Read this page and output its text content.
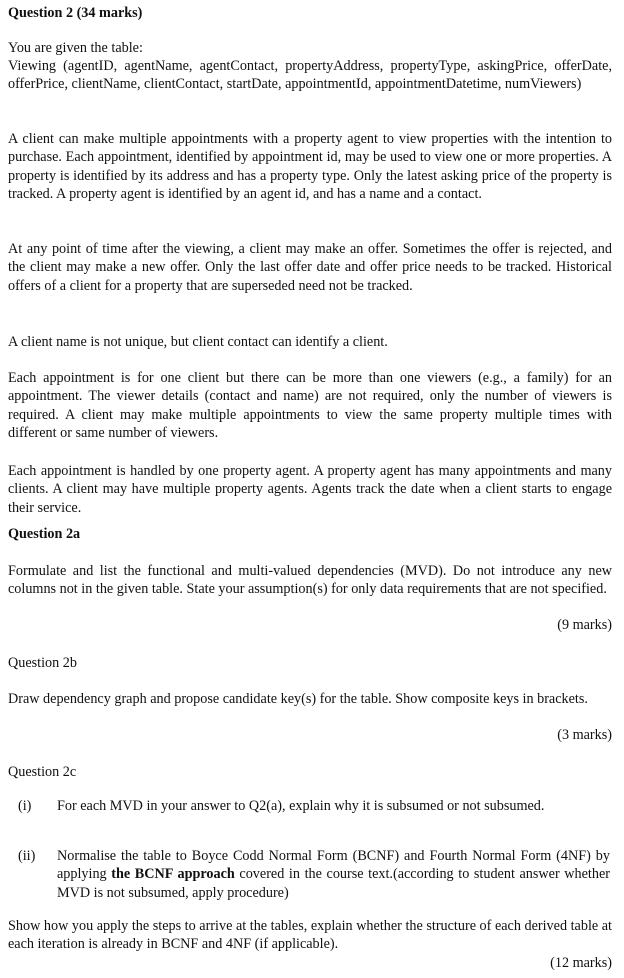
Question 2 (34 marks)
You are given the table:

Viewing (agentID, agentName, agentContact, propertyAddress, propertyType, askingPrice, offerDate, offerPrice, clientName, clientContact, startDate, appointmentId, appointmentDatetime, numViewers)

A client can make multiple appointments with a property agent to view properties with the intention to purchase. Each appointment, identified by appointment id, may be used to view one or more properties. A property is identified by its address and has a property type. Only the latest asking price of the property is tracked. A property agent is identified by an agent id, and has a name and a contact.

At any point of time after the viewing, a client may make an offer. Sometimes the offer is rejected, and the client may make a new offer. Only the last offer date and offer price needs to be tracked. Historical offers of a client for a property that are superseded need not be tracked.

A client name is not unique, but client contact can identify a client.

Each appointment is for one client but there can be more than one viewers (e.g., a family) for an appointment. The viewer details (contact and name) are not required, only the number of viewers is required. A client may make multiple appointments to view the same property multiple times with different or same number of viewers.

Each appointment is handled by one property agent. A property agent has many appointments and many clients. A client may have multiple property agents. Agents track the date when a client starts to engage their service.

Question 2a

Formulate and list the functional and multi-valued dependencies (MVD). Do not introduce any new columns not in the given table. State your assumption(s) for only data requirements that are not specified.

(9 marks)

Question 2b

Draw dependency graph and propose candidate key(s) for the table. Show composite keys in brackets.

(3 marks)

Question 2c
(i) For each MVD in your answer to Q2(a), explain why it is subsumed or not subsumed.
(ii) Normalise the table to Boyce Codd Normal Form (BCNF) and Fourth Normal Form (4NF) by applying the BCNF approach covered in the course text.(according to student answer whether MVD is not subsumed, apply procedure)

Show how you apply the steps to arrive at the tables, explain whether the structure of each derived table at each iteration is already in BCNF and 4NF (if applicable).

(12 marks)
